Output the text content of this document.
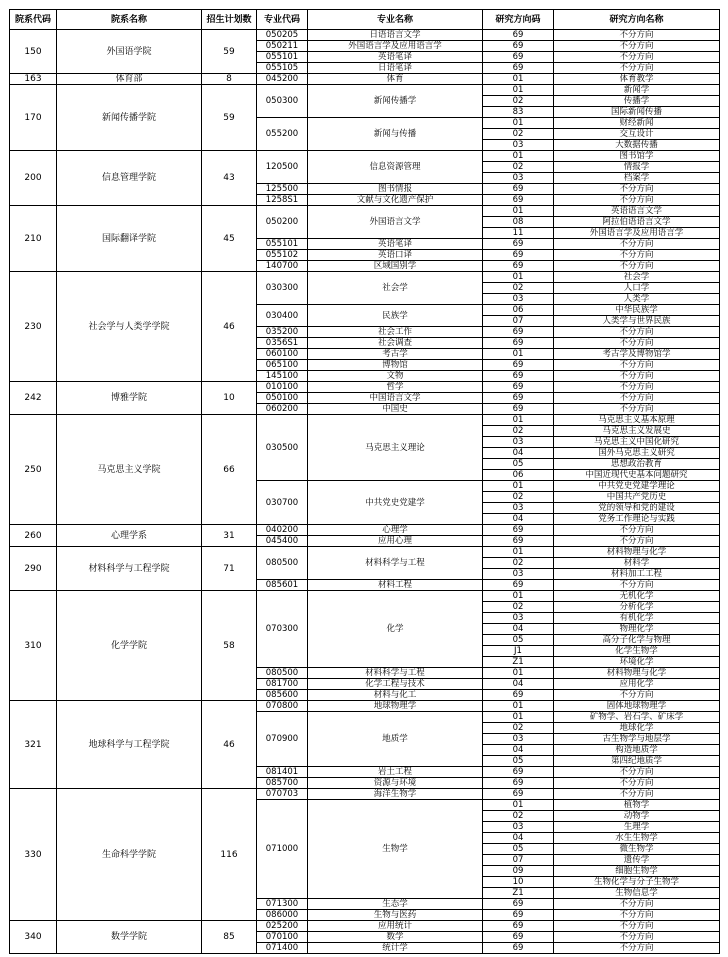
院系代码	院系名称	招生计划数	专业代码	专业名称	研究方向码	研究方向名称
150	外国语学院	59	050205	日语语言文学	69	不分方向
			050211	外国语言学及应用语言学	69	不分方向
			055101	英语笔译	69	不分方向
			055105	日语笔译	69	不分方向
163	体育部	8	045200	体育	01	体育教学
170	新闻传播学院	59	050300	新闻传播学	01	新闻学
					02	传播学
					83	国际新闻传播
			055200	新闻与传播	01	财经新闻
					02	交互设计
					03	大数据传播
200	信息管理学院	43	120500	信息资源管理	01	图书馆学
					02	情报学
					03	档案学
			125500	图书情报	69	不分方向
			1258S1	文献与文化遗产保护	69	不分方向
210	国际翻译学院	45	050200	外国语言文学	01	英语语言文学
					08	阿拉伯语语言文学
					11	外国语言学及应用语言学
			055101	英语笔译	69	不分方向
			055102	英语口译	69	不分方向
			140700	区域国别学	69	不分方向
230	社会学与人类学学院	46	030300	社会学	01	社会学
					02	人口学
					03	人类学
			030400	民族学	06	中华民族学
					07	人类学与世界民族
			035200	社会工作	69	不分方向
			0356S1	社会调查	69	不分方向
			060100	考古学	01	考古学及博物馆学
			065100	博物馆	69	不分方向
			145100	文物	69	不分方向
242	博雅学院	10	010100	哲学	69	不分方向
			050100	中国语言文学	69	不分方向
			060200	中国史	69	不分方向
250	马克思主义学院	66	030500	马克思主义理论	01	马克思主义基本原理
					02	马克思主义发展史
					03	马克思主义中国化研究
					04	国外马克思主义研究
					05	思想政治教育
					06	中国近现代史基本问题研究
			030700	中共党史党建学	01	中共党史党建学理论
					02	中国共产党历史
					03	党的领导和党的建设
					04	党务工作理论与实践
260	心理学系	31	040200	心理学	69	不分方向
			045400	应用心理	69	不分方向
290	材料科学与工程学院	71	080500	材料科学与工程	01	材料物理与化学
					02	材料学
					03	材料加工工程
			085601	材料工程	69	不分方向
310	化学学院	58	070300	化学	01	无机化学
					02	分析化学
					03	有机化学
					04	物理化学
					05	高分子化学与物理
					J1	化学生物学
					Z1	环境化学
			080500	材料科学与工程	01	材料物理与化学
			081700	化学工程与技术	04	应用化学
			085600	材料与化工	69	不分方向
321	地球科学与工程学院	46	070800	地球物理学	01	固体地球物理学
			070900	地质学	01	矿物学、岩石学、矿床学
					02	地球化学
					03	古生物学与地层学
					04	构造地质学
					05	第四纪地质学
			081401	岩土工程	69	不分方向
			085700	资源与环境	69	不分方向
330	生命科学学院	116	070703	海洋生物学	69	不分方向
			071000	生物学	01	植物学
					02	动物学
					03	生理学
					04	水生生物学
					05	微生物学
					07	遗传学
					09	细胞生物学
					10	生物化学与分子生物学
					Z1	生物信息学
			071300	生态学	69	不分方向
			086000	生物与医药	69	不分方向
340	数学学院	85	025200	应用统计	69	不分方向
			070100	数学	69	不分方向
			071400	统计学	69	不分方向
